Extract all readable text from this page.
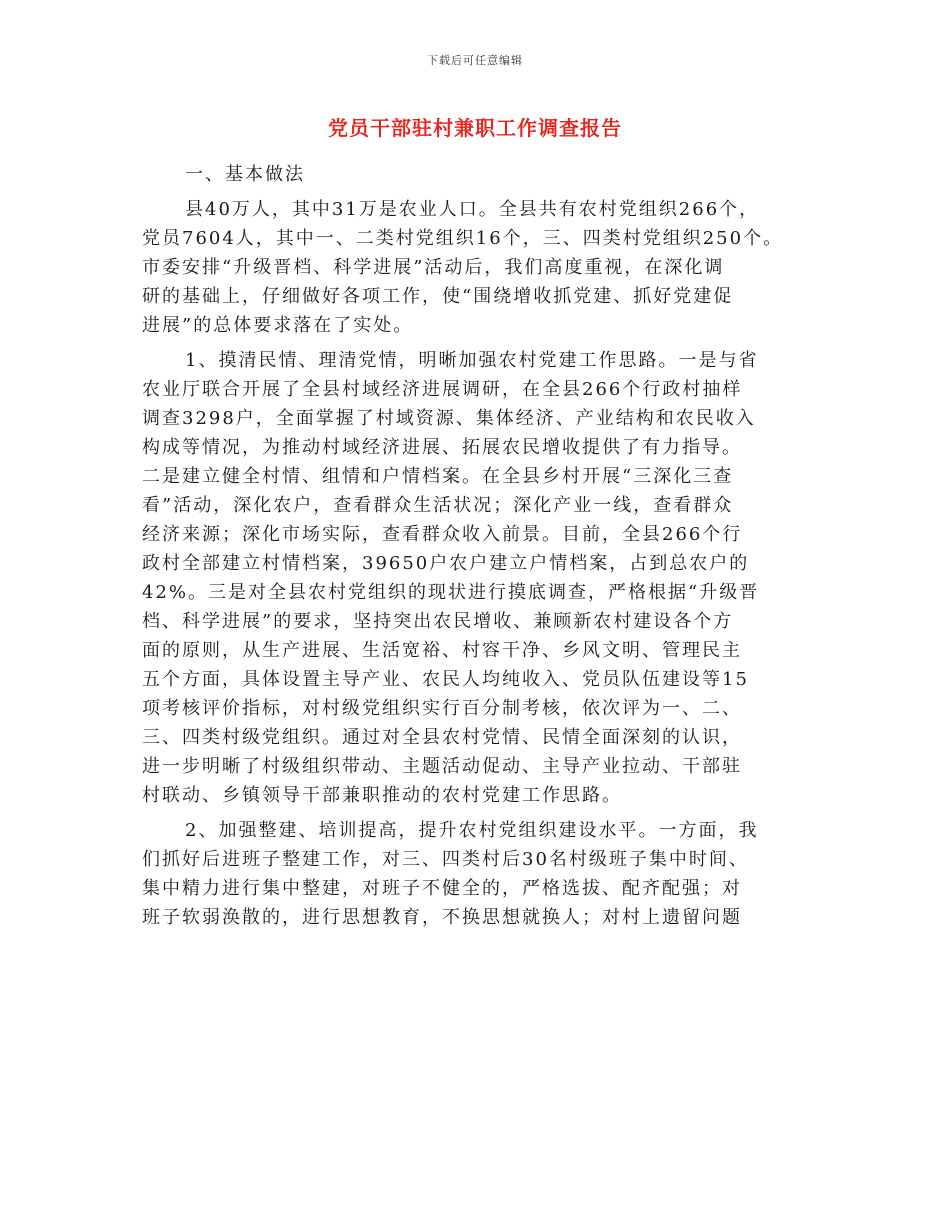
下载后可任意编辑
党员干部驻村兼职工作调查报告
一、基本做法
县40万人，其中31万是农业人口。全县共有农村党组织266个，
党员7604人，其中一、二类村党组织16个，三、四类村党组织250个。
市委安排“升级晋档、科学进展”活动后，我们高度重视，在深化调
研的基础上，仔细做好各项工作，使“围绕增收抓党建、抓好党建促
进展”的总体要求落在了实处。
1、摸清民情、理清党情，明晰加强农村党建工作思路。一是与省
农业厅联合开展了全县村域经济进展调研，在全县266个行政村抽样
调查3298户，全面掌握了村域资源、集体经济、产业结构和农民收入
构成等情况，为推动村域经济进展、拓展农民增收提供了有力指导。
二是建立健全村情、组情和户情档案。在全县乡村开展“三深化三查
看”活动，深化农户，查看群众生活状况；深化产业一线，查看群众
经济来源；深化市场实际，查看群众收入前景。目前，全县266个行
政村全部建立村情档案，39650户农户建立户情档案，占到总农户的
42%。三是对全县农村党组织的现状进行摸底调查，严格根据“升级晋
档、科学进展”的要求，坚持突出农民增收、兼顾新农村建设各个方
面的原则，从生产进展、生活宽裕、村容干净、乡风文明、管理民主
五个方面，具体设置主导产业、农民人均纯收入、党员队伍建设等15
项考核评价指标，对村级党组织实行百分制考核，依次评为一、二、
三、四类村级党组织。通过对全县农村党情、民情全面深刻的认识，
进一步明晰了村级组织带动、主题活动促动、主导产业拉动、干部驻
村联动、乡镇领导干部兼职推动的农村党建工作思路。
2、加强整建、培训提高，提升农村党组织建设水平。一方面，我
们抓好后进班子整建工作，对三、四类村后30名村级班子集中时间、
集中精力进行集中整建，对班子不健全的，严格选拔、配齐配强；对
班子软弱涣散的，进行思想教育，不换思想就换人；对村上遗留问题
